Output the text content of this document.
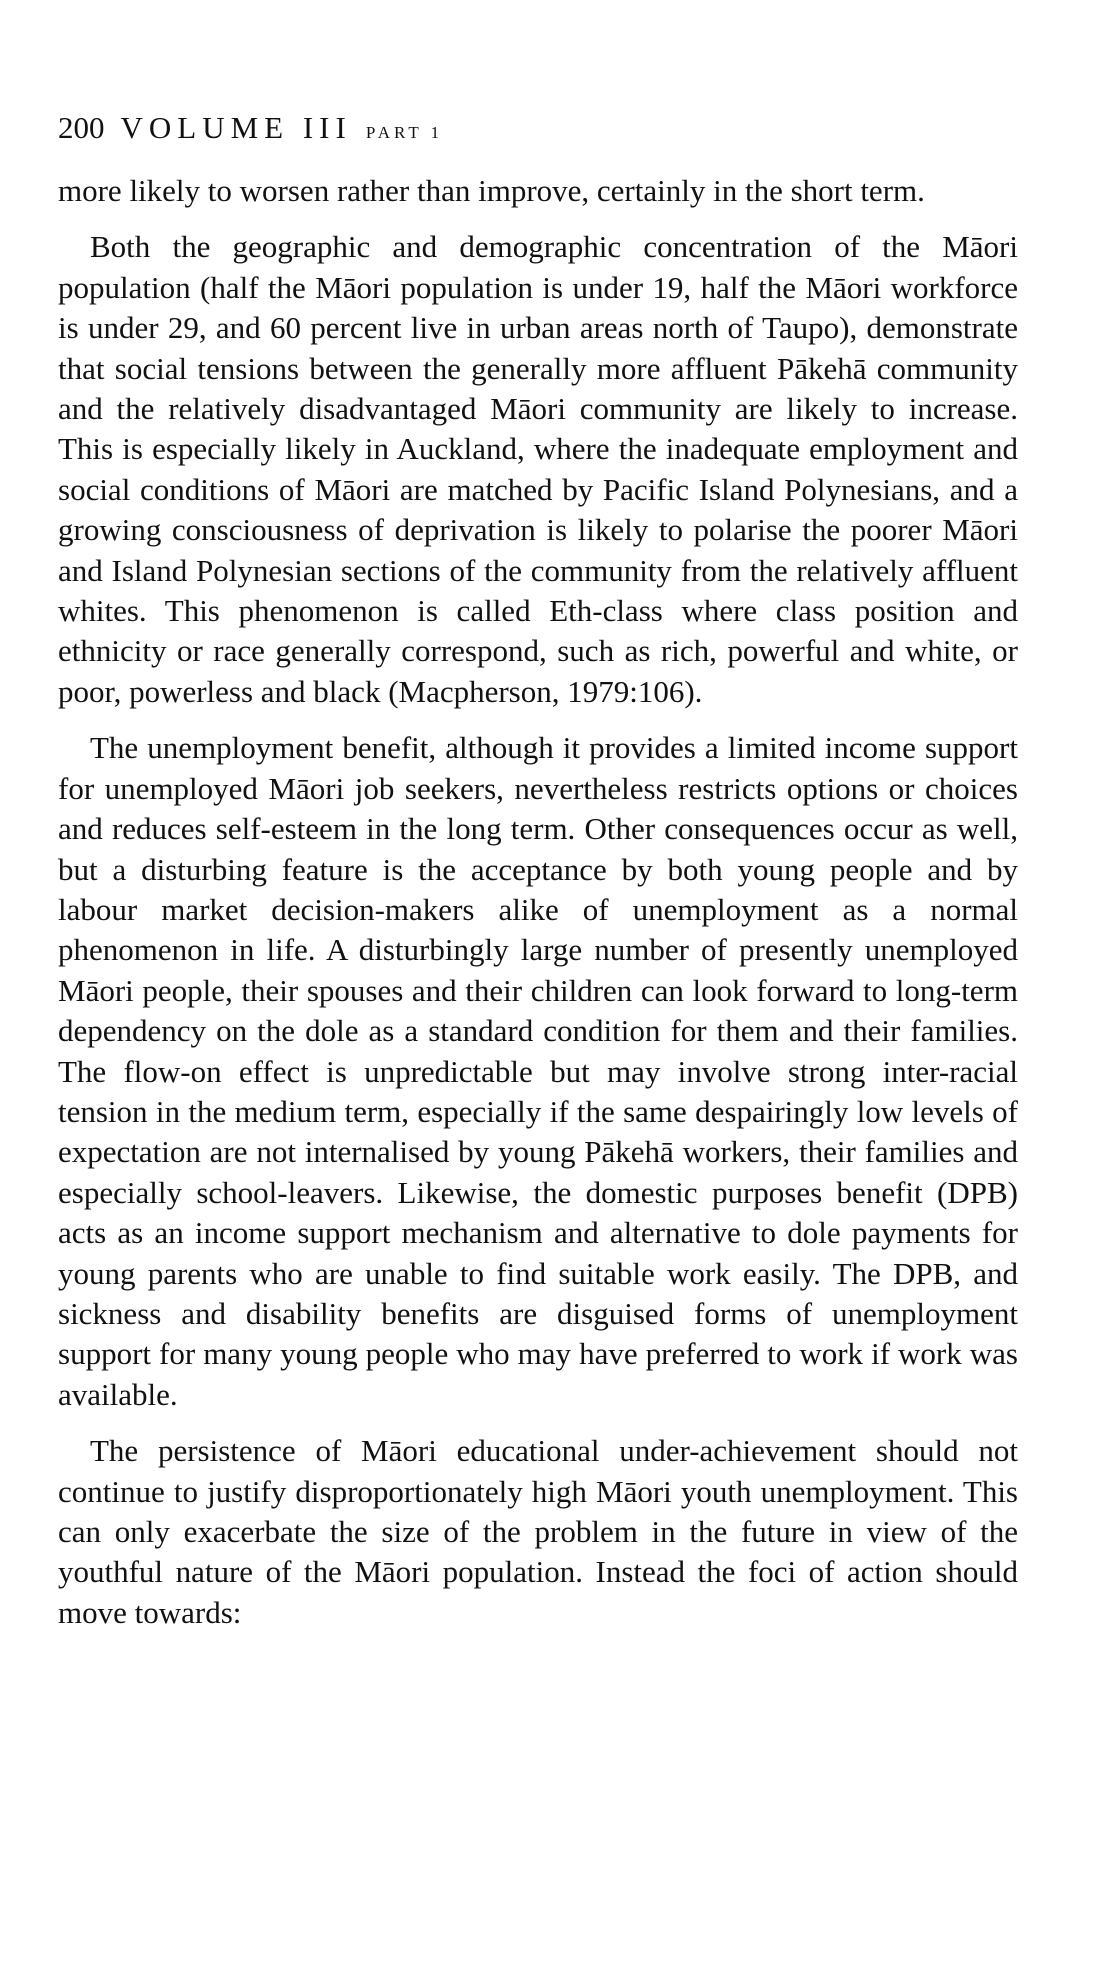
200 VOLUME III PART 1

more likely to worsen rather than improve, certainly in the short term.

Both the geographic and demographic concentration of the Māori population (half the Māori population is under 19, half the Māori workforce is under 29, and 60 percent live in urban areas north of Taupo), demonstrate that social tensions between the generally more affluent Pākehā community and the relatively disadvantaged Māori community are likely to increase. This is especially likely in Auckland, where the inadequate employment and social conditions of Māori are matched by Pacific Island Polynesians, and a growing consciousness of deprivation is likely to polarise the poorer Māori and Island Polynesian sections of the community from the relatively affluent whites. This phenomenon is called Eth-class where class position and ethnicity or race generally correspond, such as rich, powerful and white, or poor, powerless and black (Macpherson, 1979:106).

The unemployment benefit, although it provides a limited income support for unemployed Māori job seekers, nevertheless restricts options or choices and reduces self-esteem in the long term. Other consequences occur as well, but a disturbing feature is the acceptance by both young people and by labour market decision-makers alike of unemployment as a normal phenomenon in life. A disturbingly large number of presently unemployed Māori people, their spouses and their children can look forward to long-term dependency on the dole as a standard condition for them and their families. The flow-on effect is unpredictable but may involve strong inter-racial tension in the medium term, especially if the same despairingly low levels of expectation are not internalised by young Pākehā workers, their families and especially school-leavers. Likewise, the domestic purposes benefit (DPB) acts as an income support mechanism and alternative to dole payments for young parents who are unable to find suitable work easily. The DPB, and sickness and disability benefits are disguised forms of unemployment support for many young people who may have preferred to work if work was available.

The persistence of Māori educational under-achievement should not continue to justify disproportionately high Māori youth unemployment. This can only exacerbate the size of the problem in the future in view of the youthful nature of the Māori population. Instead the foci of action should move towards:
